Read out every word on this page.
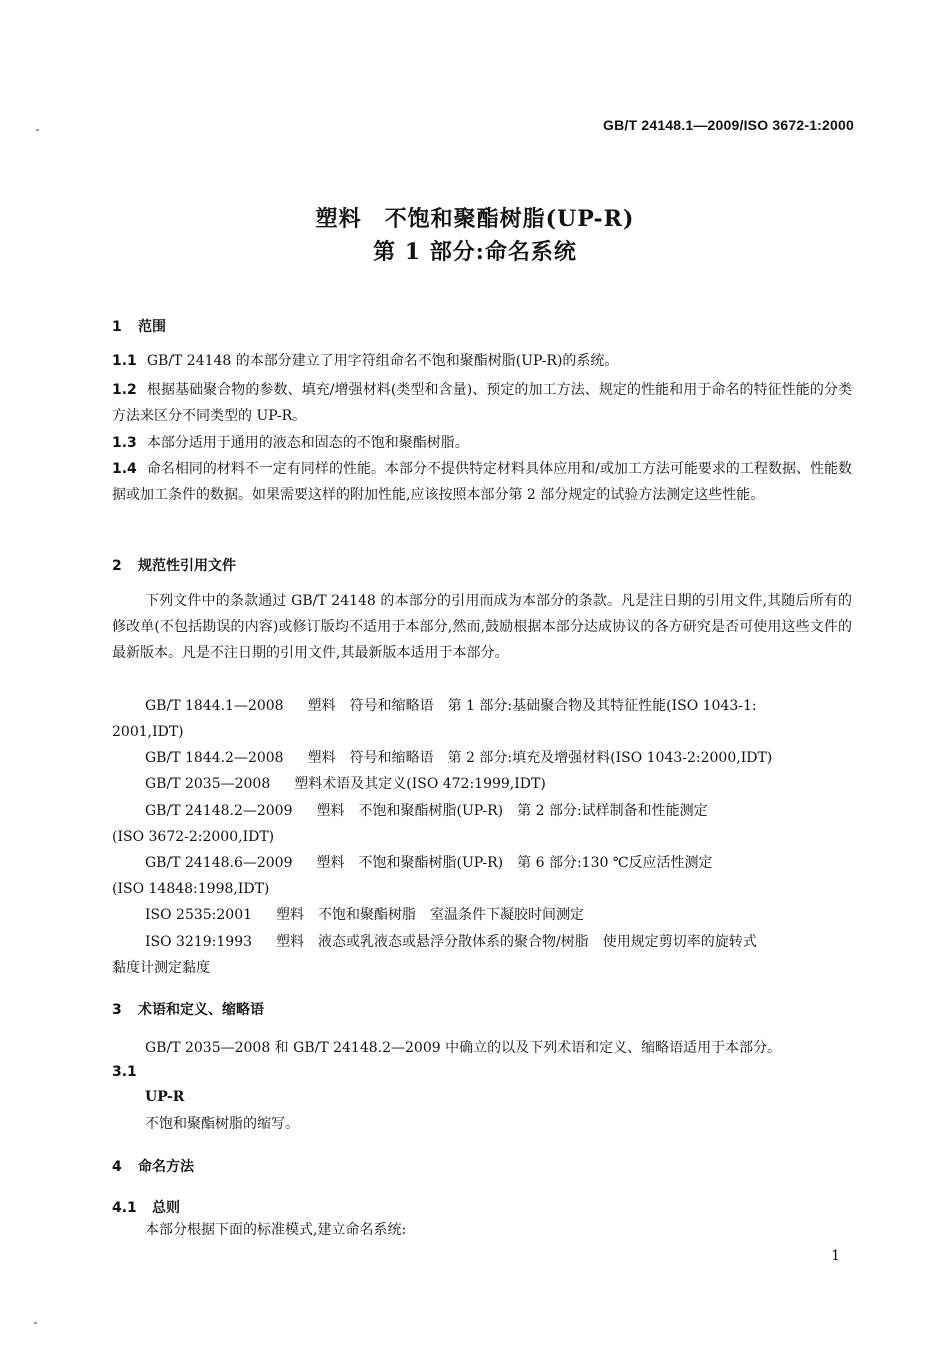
GB/T 24148.1—2009/ISO 3672-1:2000
塑料　不饱和聚酯树脂(UP-R)
第 1 部分:命名系统
1 范围
1.1 GB/T 24148 的本部分建立了用字符组命名不饱和聚酯树脂(UP-R)的系统。
1.2 根据基础聚合物的参数、填充/增强材料(类型和含量)、预定的加工方法、规定的性能和用于命名的特征性能的分类方法来区分不同类型的 UP-R。
1.3 本部分适用于通用的液态和固态的不饱和聚酯树脂。
1.4 命名相同的材料不一定有同样的性能。本部分不提供特定材料具体应用和/或加工方法可能要求的工程数据、性能数据或加工条件的数据。如果需要这样的附加性能,应该按照本部分第 2 部分规定的试验方法测定这些性能。
2 规范性引用文件
下列文件中的条款通过 GB/T 24148 的本部分的引用而成为本部分的条款。凡是注日期的引用文件,其随后所有的修改单(不包括勘误的内容)或修订版均不适用于本部分,然而,鼓励根据本部分达成协议的各方研究是否可使用这些文件的最新版本。凡是不注日期的引用文件,其最新版本适用于本部分。
GB/T 1844.1—2008 塑料　符号和缩略语　第 1 部分:基础聚合物及其特征性能(ISO 1043-1:
2001,IDT)
GB/T 1844.2—2008 塑料　符号和缩略语　第 2 部分:填充及增强材料(ISO 1043-2:2000,IDT)
GB/T 2035—2008 塑料术语及其定义(ISO 472:1999,IDT)
GB/T 24148.2—2009 塑料　不饱和聚酯树脂(UP-R)　第 2 部分:试样制备和性能测定
(ISO 3672-2:2000,IDT)
GB/T 24148.6—2009 塑料　不饱和聚酯树脂(UP-R)　第 6 部分:130 ℃反应活性测定
(ISO 14848:1998,IDT)
ISO 2535:2001 塑料　不饱和聚酯树脂　室温条件下凝胶时间测定
ISO 3219:1993 塑料　液态或乳液态或悬浮分散体系的聚合物/树脂　使用规定剪切率的旋转式
黏度计测定黏度
3 术语和定义、缩略语
GB/T 2035—2008 和 GB/T 24148.2—2009 中确立的以及下列术语和定义、缩略语适用于本部分。
3.1
UP-R
不饱和聚酯树脂的缩写。
4 命名方法
4.1 总则
本部分根据下面的标准模式,建立命名系统:
1
